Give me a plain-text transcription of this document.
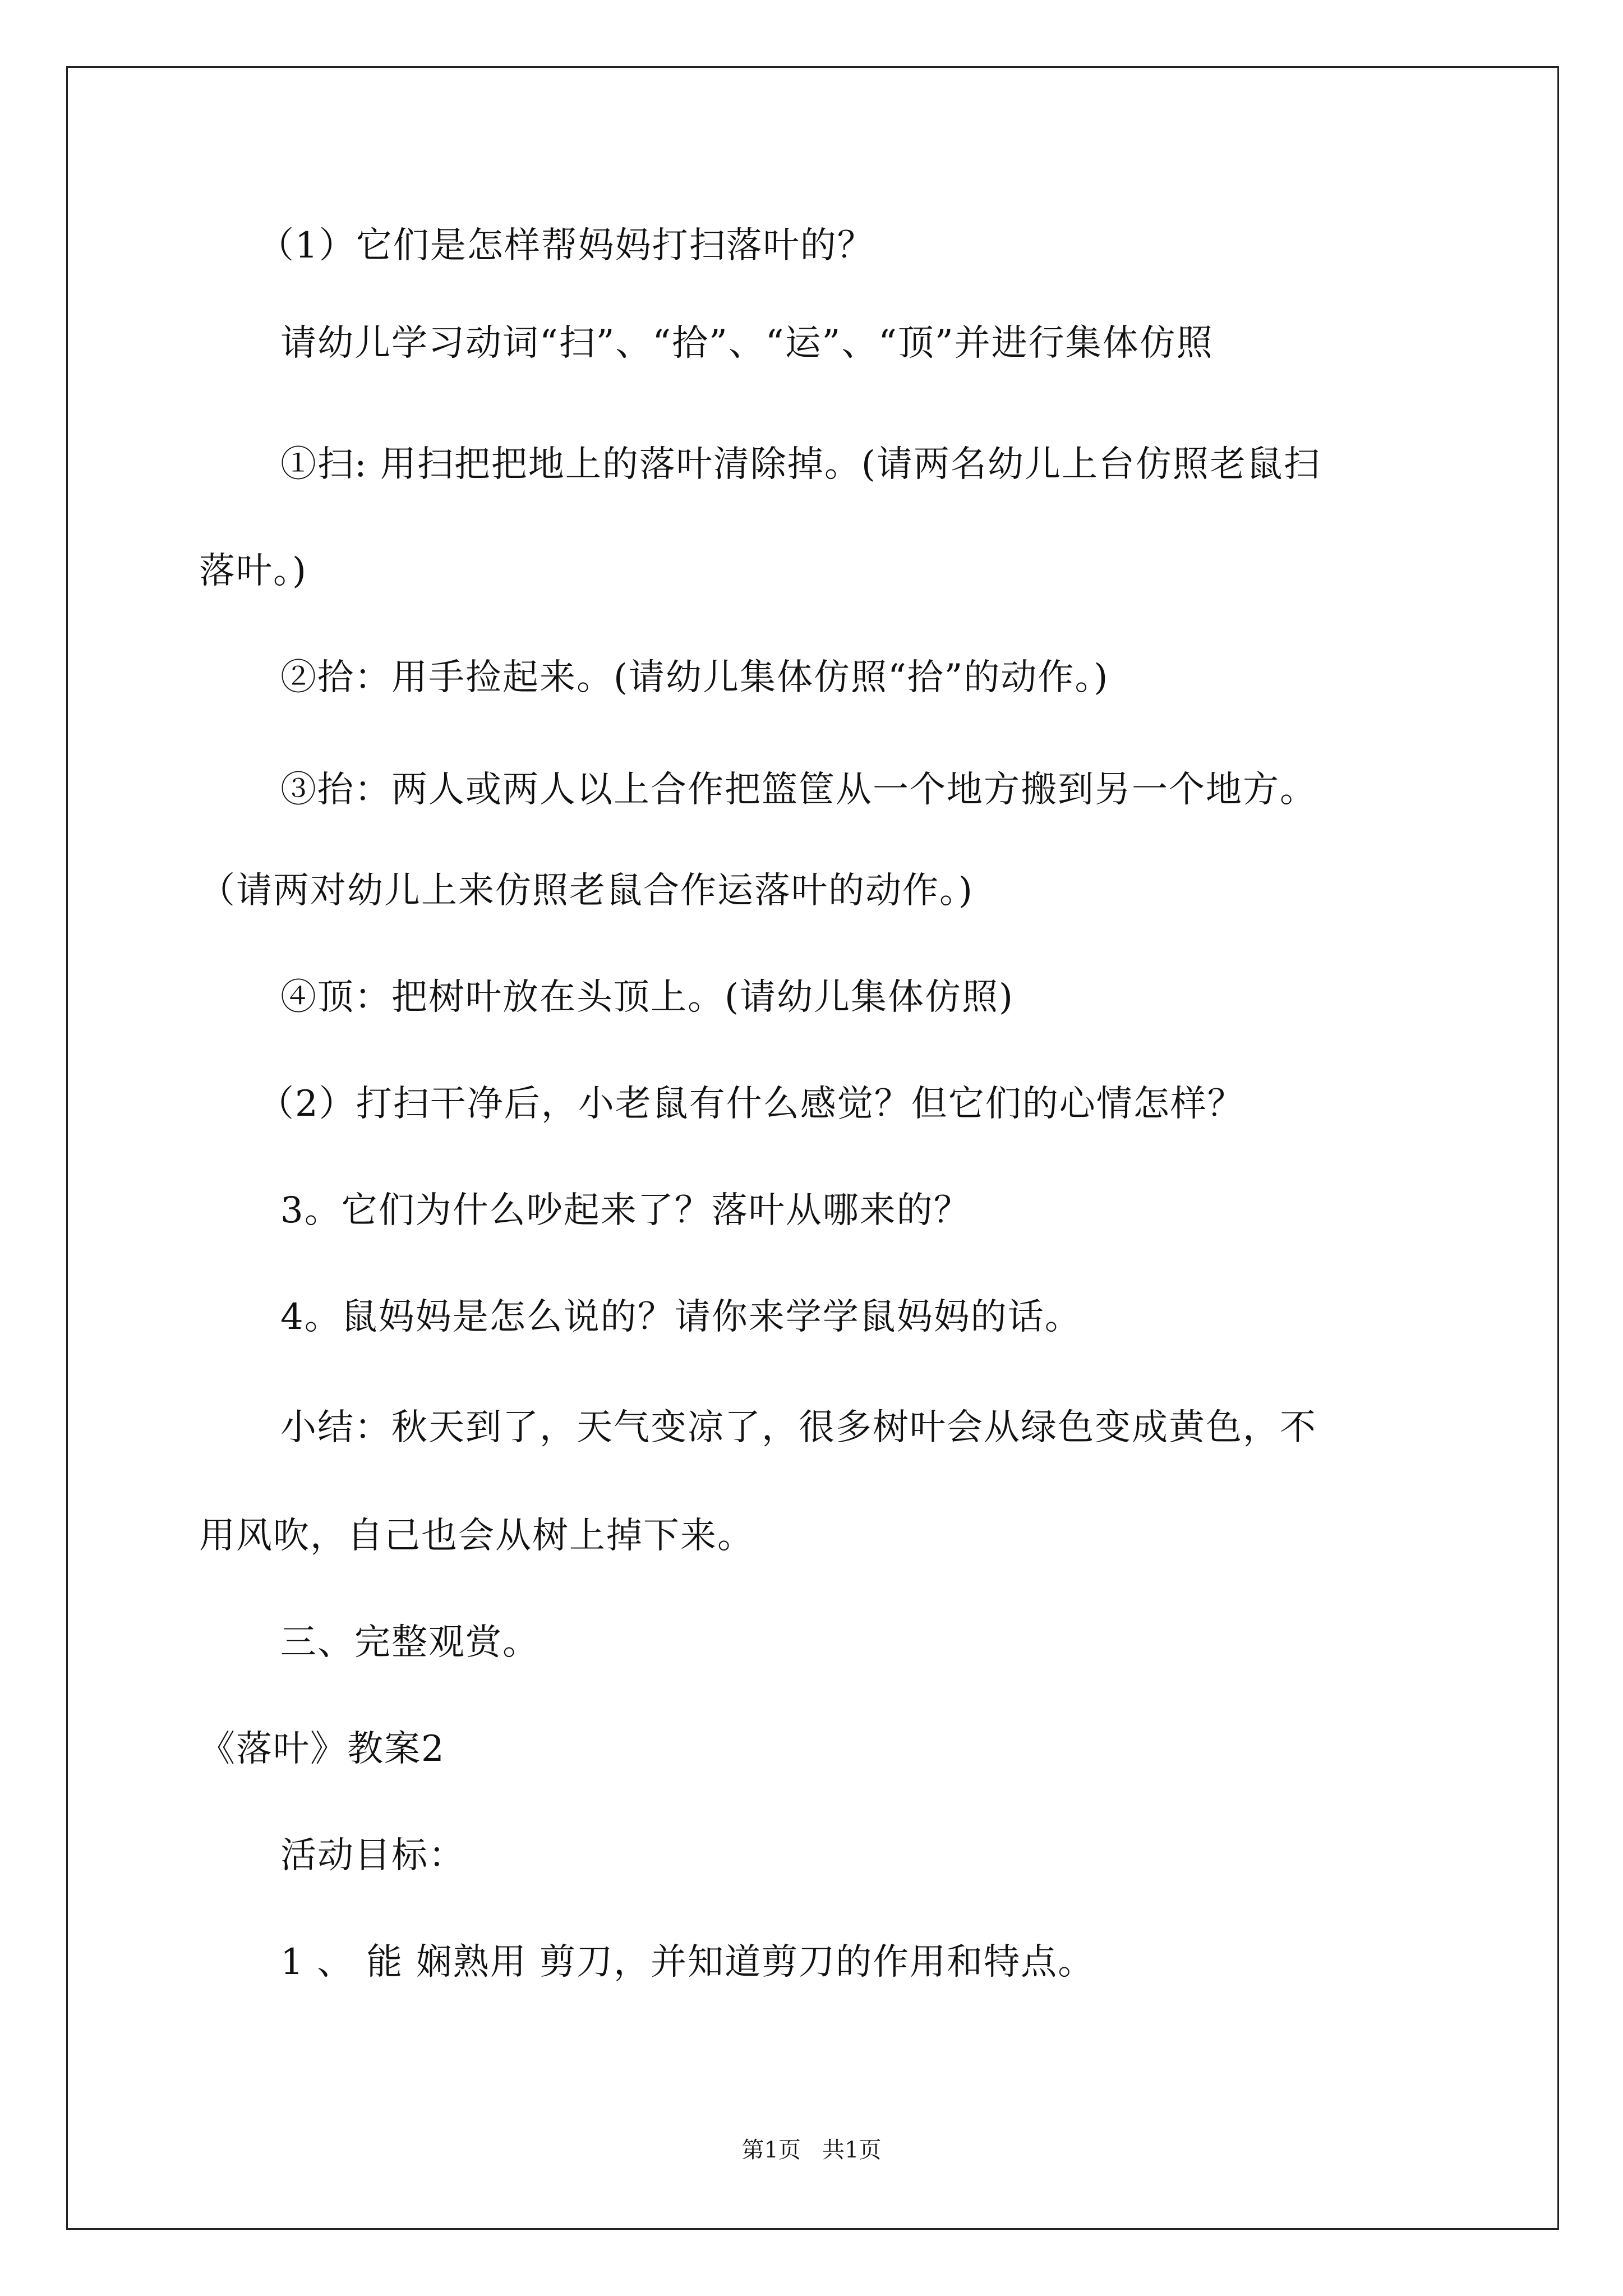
（1）它们是怎样帮妈妈打扫落叶的？
请幼儿学习动词“扫”、“拾”、“运”、“顶”并进行集体仿照
①扫: 用扫把把地上的落叶清除掉。(请两名幼儿上台仿照老鼠扫
落叶。)
②拾：用手捡起来。(请幼儿集体仿照“拾”的动作。)
③抬：两人或两人以上合作把篮筐从一个地方搬到另一个地方。
（请两对幼儿上来仿照老鼠合作运落叶的动作。)
④顶：把树叶放在头顶上。(请幼儿集体仿照)
（2）打扫干净后，小老鼠有什么感觉？但它们的心情怎样？
3。它们为什么吵起来了？落叶从哪来的？
4。鼠妈妈是怎么说的？请你来学学鼠妈妈的话。
小结：秋天到了，天气变凉了，很多树叶会从绿色变成黄色，不
用风吹，自己也会从树上掉下来。
三、完整观赏。
《落叶》教案2
活动目标：
1 、 能 娴熟用 剪刀，并知道剪刀的作用和特点。
第1页   共1页
